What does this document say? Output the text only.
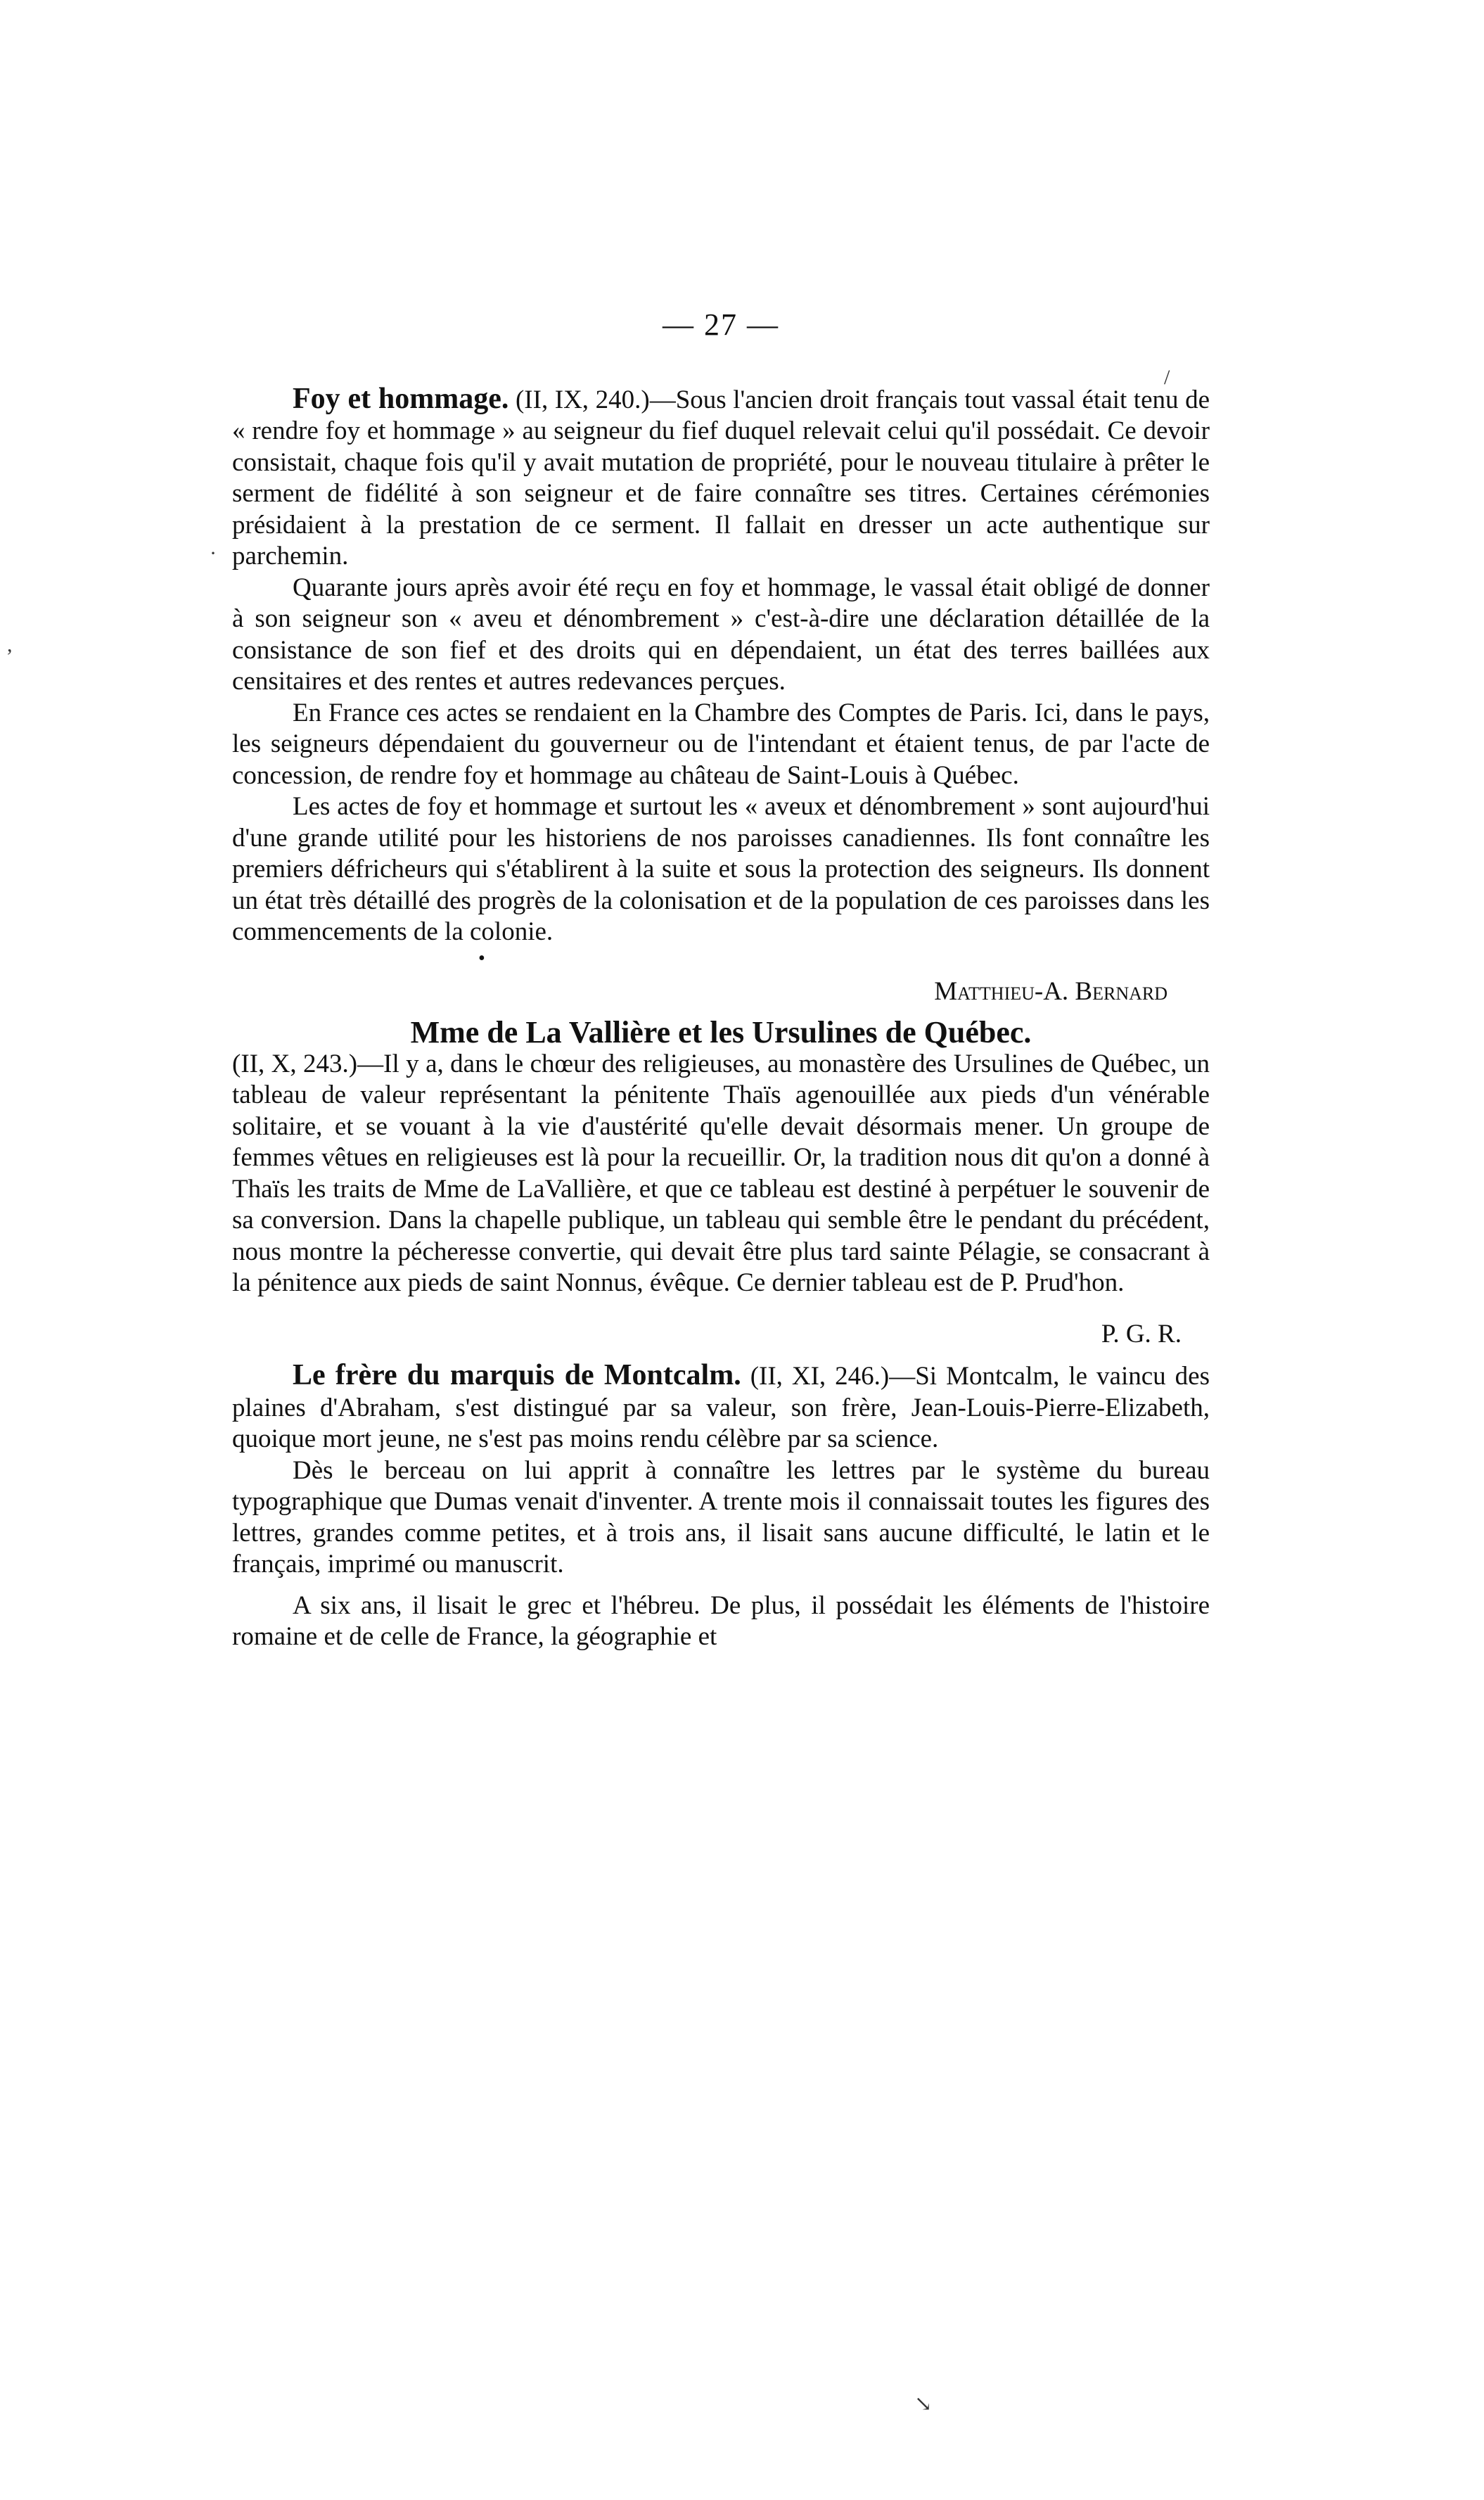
/
·
,
↘
— 27 —

Foy et hommage. (II, IX, 240.)—Sous l'ancien droit français tout vassal était tenu de « rendre foy et hommage » au seigneur du fief duquel relevait celui qu'il possédait. Ce devoir consistait, chaque fois qu'il y avait mutation de propriété, pour le nouveau titulaire à prêter le serment de fidélité à son seigneur et de faire connaître ses titres. Certaines cérémonies présidaient à la prestation de ce serment. Il fallait en dresser un acte authentique sur parchemin.

Quarante jours après avoir été reçu en foy et hommage, le vassal était obligé de donner à son seigneur son « aveu et dénombrement » c'est-à-dire une déclaration détaillée de la consistance de son fief et des droits qui en dépendaient, un état des terres baillées aux censitaires et des rentes et autres redevances perçues.

En France ces actes se rendaient en la Chambre des Comptes de Paris. Ici, dans le pays, les seigneurs dépendaient du gouverneur ou de l'intendant et étaient tenus, de par l'acte de concession, de rendre foy et hommage au château de Saint-Louis à Québec.

Les actes de foy et hommage et surtout les « aveux et dénombrement » sont aujourd'hui d'une grande utilité pour les historiens de nos paroisses canadiennes. Ils font connaître les premiers défricheurs qui s'établirent à la suite et sous la protection des seigneurs. Ils donnent un état très détaillé des progrès de la colonisation et de la population de ces paroisses dans les commencements de la colonie.

•
Matthieu-A. Bernard
Mme de La Vallière et les Ursulines de Québec.

(II, X, 243.)—Il y a, dans le chœur des religieuses, au monastère des Ursulines de Québec, un tableau de valeur représentant la pénitente Thaïs agenouillée aux pieds d'un vénérable solitaire, et se vouant à la vie d'austérité qu'elle devait désormais mener. Un groupe de femmes vêtues en religieuses est là pour la recueillir. Or, la tradition nous dit qu'on a donné à Thaïs les traits de Mme de LaVallière, et que ce tableau est destiné à perpétuer le souvenir de sa conversion. Dans la chapelle publique, un tableau qui semble être le pendant du précédent, nous montre la pécheresse convertie, qui devait être plus tard sainte Pélagie, se consacrant à la pénitence aux pieds de saint Nonnus, évêque. Ce dernier tableau est de P. Prud'hon.

P. G. R.

Le frère du marquis de Montcalm. (II, XI, 246.)—Si Montcalm, le vaincu des plaines d'Abraham, s'est distingué par sa valeur, son frère, Jean-Louis-Pierre-Elizabeth, quoique mort jeune, ne s'est pas moins rendu célèbre par sa science.

Dès le berceau on lui apprit à connaître les lettres par le système du bureau typographique que Dumas venait d'inventer. A trente mois il connaissait toutes les figures des lettres, grandes comme petites, et à trois ans, il lisait sans aucune difficulté, le latin et le français, imprimé ou manuscrit.

A six ans, il lisait le grec et l'hébreu. De plus, il possédait les éléments de l'histoire romaine et de celle de France, la géographie et
